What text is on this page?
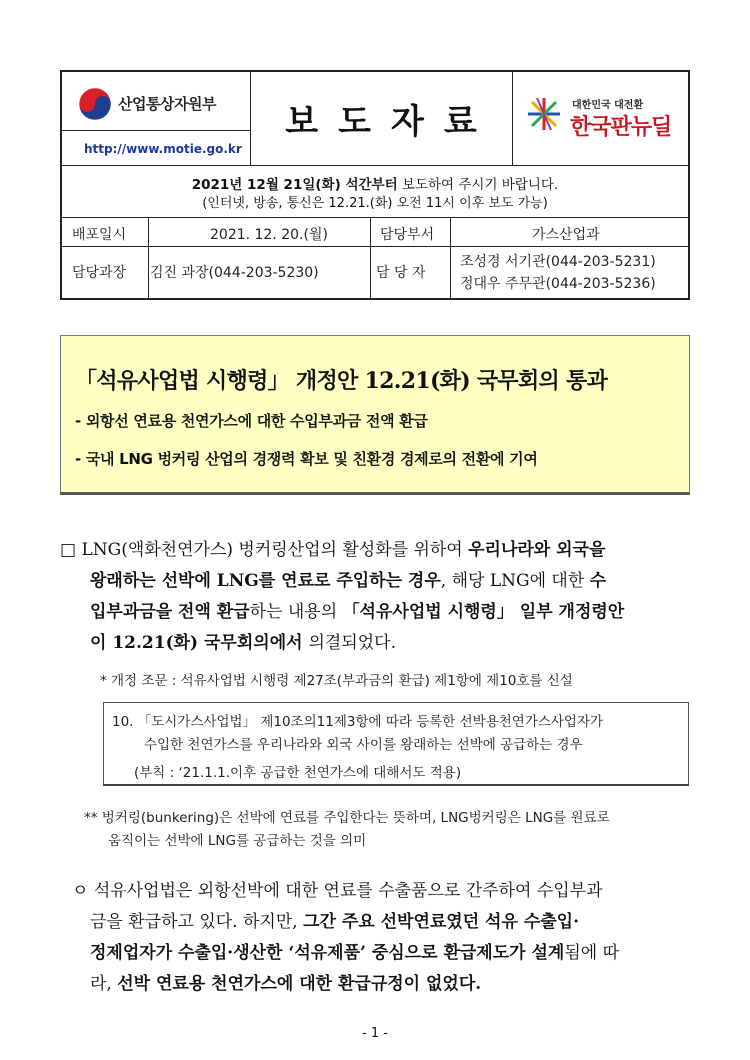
산업통상자원부
http://www.motie.go.kr
보도자료	대한민국 대전환
한국판뉴딜
2021년 12월 21일(화) 석간부터 보도하여 주시기 바랍니다.
(인터넷, 방송, 통신은 12.21.(화) 오전 11시 이후 보도 가능)
배포일시	2021. 12. 20.(월)	담당부서	가스산업과
담당과장 김진 과장(044-203-5230)	담 당 자
조성경 서기관(044-203-5231)
정대우 주무관(044-203-5236)
「석유사업법 시행령」 개정안 12.21(화) 국무회의 통과
- 외항선 연료용 천연가스에 대한 수입부과금 전액 환급
- 국내 LNG 벙커링 산업의 경쟁력 확보 및 친환경 경제로의 전환에 기여
□ LNG(액화천연가스) 벙커링산업의 활성화를 위하여 우리나라와 외국을
왕래하는 선박에 LNG를 연료로 주입하는 경우, 해당 LNG에 대한 수
입부과금을 전액 환급하는 내용의 「석유사업법 시행령」 일부 개정령안
이 12.21(화) 국무회의에서 의결되었다.
* 개정 조문 : 석유사업법 시행령 제27조(부과금의 환급) 제1항에 제10호를 신설
10. 「도시가스사업법」 제10조의11제3항에 따라 등록한 선박용천연가스사업자가
수입한 천연가스를 우리나라와 외국 사이를 왕래하는 선박에 공급하는 경우
(부칙 : ‘21.1.1.이후 공급한 천연가스에 대해서도 적용)
** 벙커링(bunkering)은 선박에 연료를 주입한다는 뜻하며, LNG벙커링은 LNG를 원료로
움직이는 선박에 LNG를 공급하는 것을 의미
ㅇ 석유사업법은 외항선박에 대한 연료를 수출품으로 간주하여 수입부과
금을 환급하고 있다. 하지만, 그간 주요 선박연료였던 석유 수출입·
정제업자가 수출입·생산한 ‘석유제품’ 중심으로 환급제도가 설계됨에 따
라, 선박 연료용 천연가스에 대한 환급규정이 없었다.
- 1 -
